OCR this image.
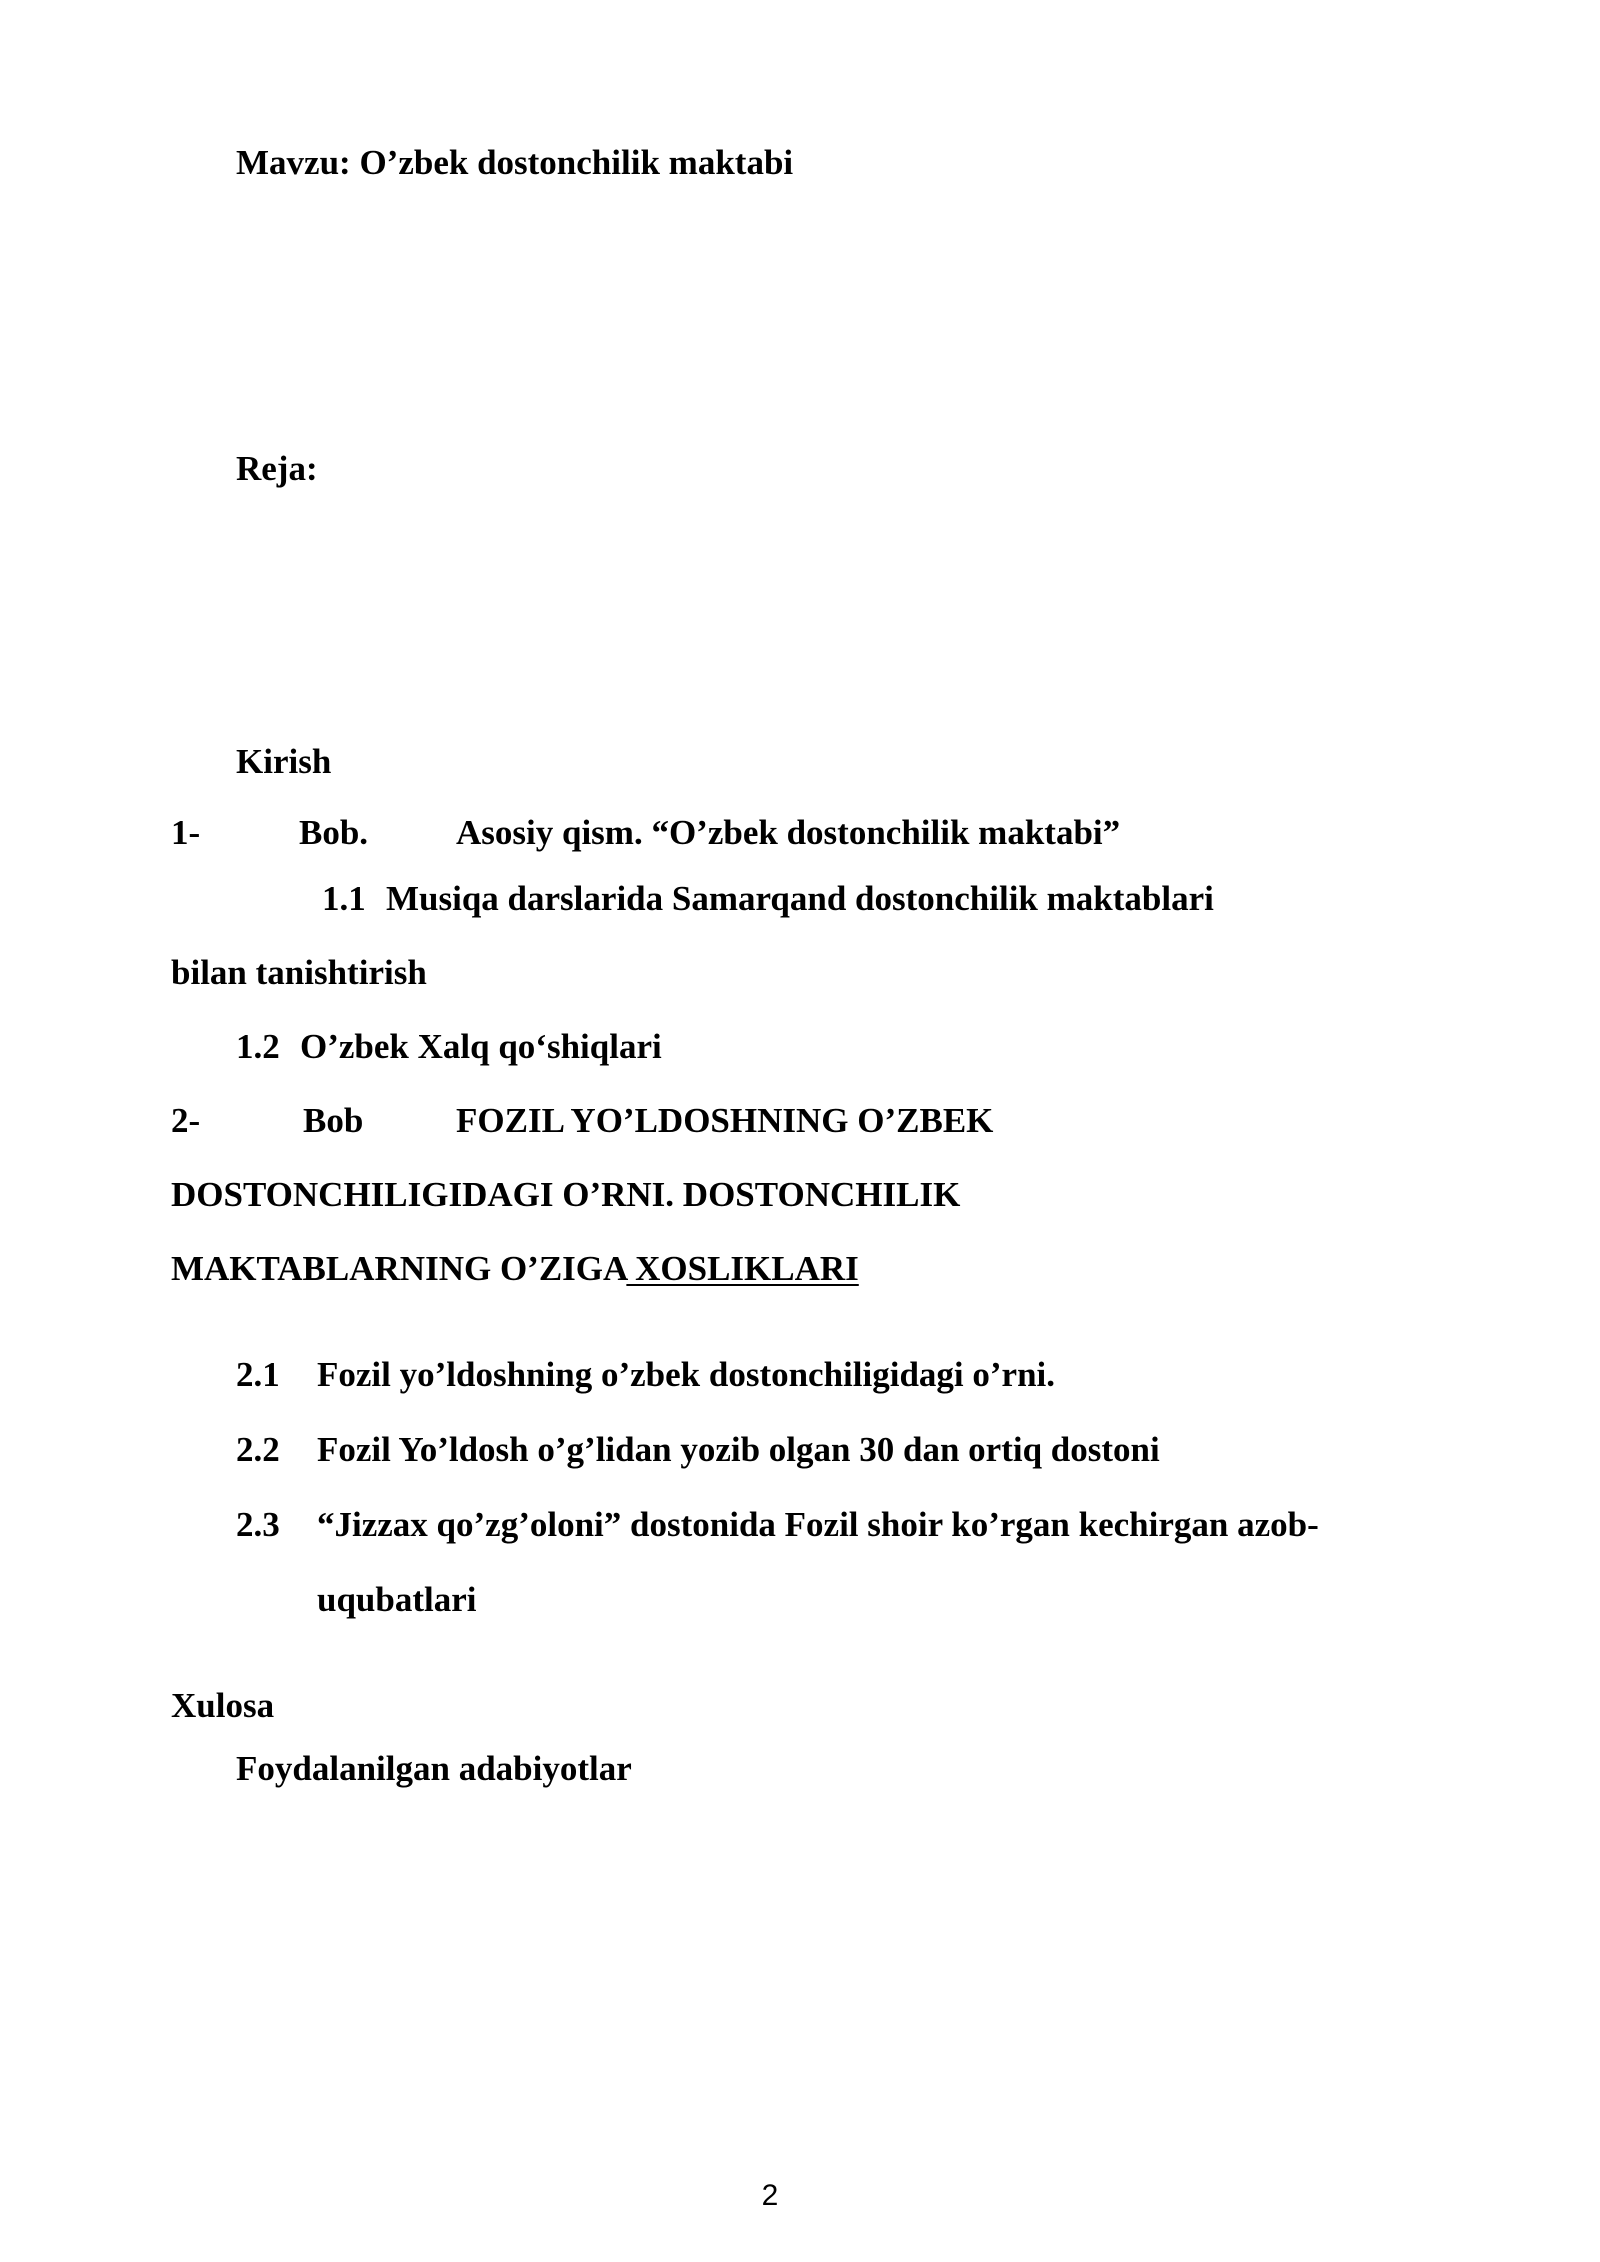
Mavzu: O’zbek dostonchilik maktabi
Reja:
Kirish
1-	Bob.	Asosiy qism. “O’zbek dostonchilik maktabi”
1.1 Musiqa darslarida Samarqand dostonchilik maktablari
bilan tanishtirish
1.2 O’zbek Xalq qo‘shiqlari
2-	Bob	FOZIL YO’LDOSHNING O’ZBEK
DOSTONCHILIGIDAGI O’RNI. DOSTONCHILIK
MAKTABLARNING O’ZIGA XOSLIKLARI
2.1 Fozil yo’ldoshning o’zbek dostonchiligidagi o’rni.
2.2 Fozil Yo’ldosh o’g’lidan yozib olgan 30 dan ortiq dostoni
2.3 “Jizzax qo’zg’oloni” dostonida Fozil shoir ko’rgan kechirgan azob-
uqubatlari
Xulosa
Foydalanilgan adabiyotlar
2
